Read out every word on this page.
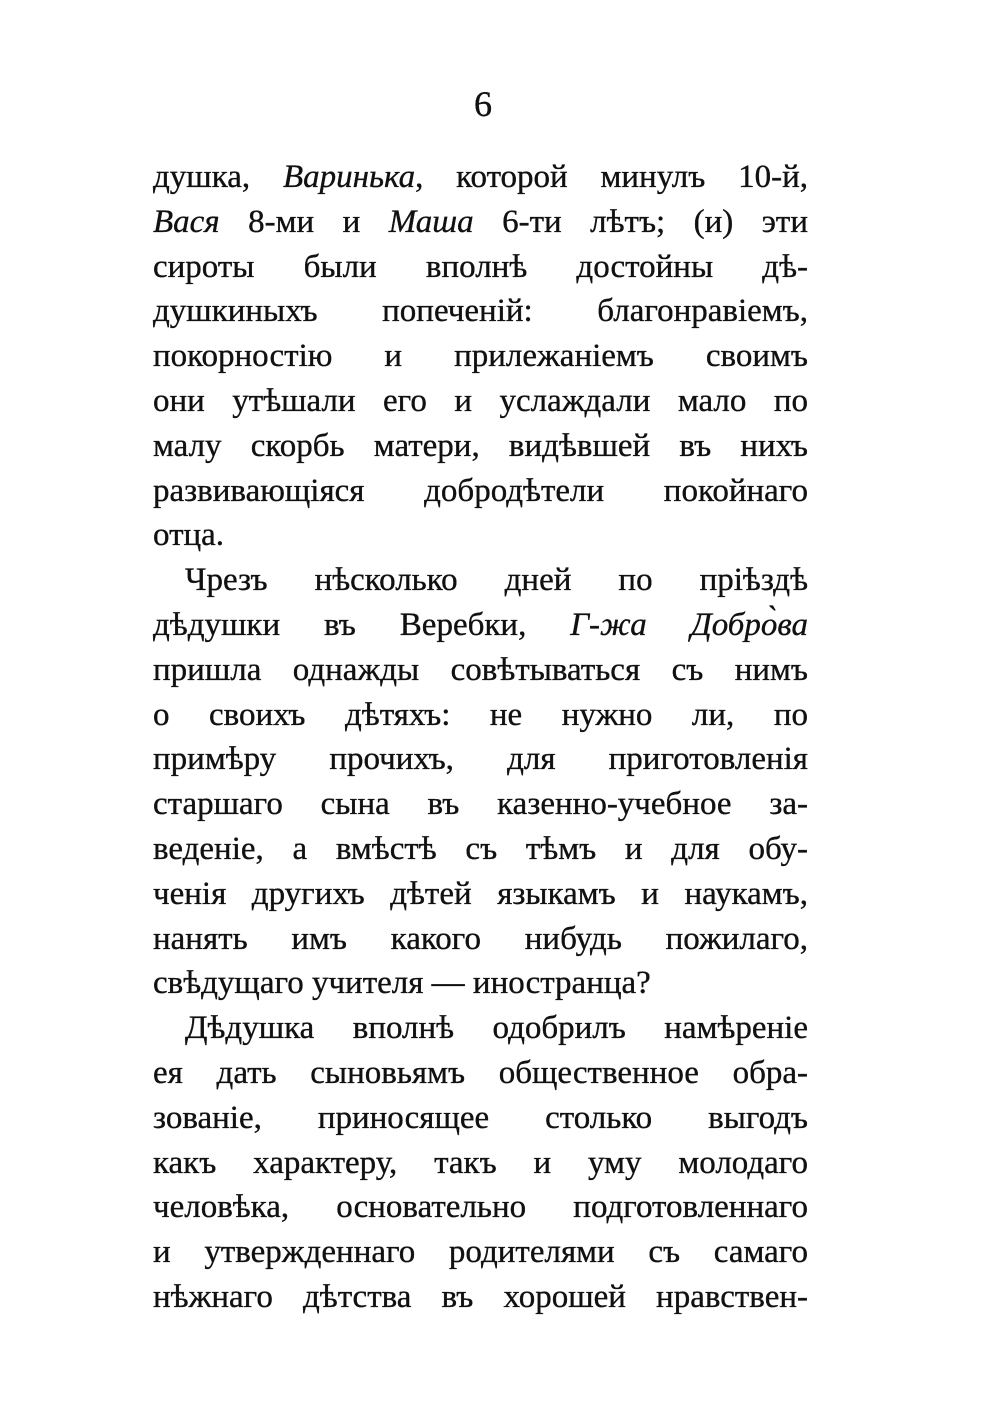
6
душка, Варинька, которой минулъ 10-й,
Вася 8-ми и Маша 6-ти лѣтъ; (и) эти
сироты были вполнѣ достойны дѣ-
душкиныхъ попеченій: благонравіемъ,
покорностію и прилежаніемъ своимъ
они утѣшали его и услаждали мало по
малу скорбь матери, видѣвшей въ нихъ
развивающіяся добродѣтели покойнаго
отца.
Чрезъ нѣсколько дней по пріѣздѣ
дѣдушки въ Веребки, Г-жа Добро̀ва
пришла однажды совѣтываться съ нимъ
о своихъ дѣтяхъ: не нужно ли, по
примѣру прочихъ, для приготовленія
старшаго сына въ казенно-учебное за-
веденіе, а вмѣстѣ съ тѣмъ и для обу-
ченія другихъ дѣтей языкамъ и наукамъ,
нанять имъ какого нибудь пожилаго,
свѣдущаго учителя — иностранца?
Дѣдушка вполнѣ одобрилъ намѣреніе
ея дать сыновьямъ общественное обра-
зованіе, приносящее столько выгодъ
какъ характеру, такъ и уму молодаго
человѣка, основательно подготовленнаго
и утвержденнаго родителями съ самаго
нѣжнаго дѣтства въ хорошей нравствен-
